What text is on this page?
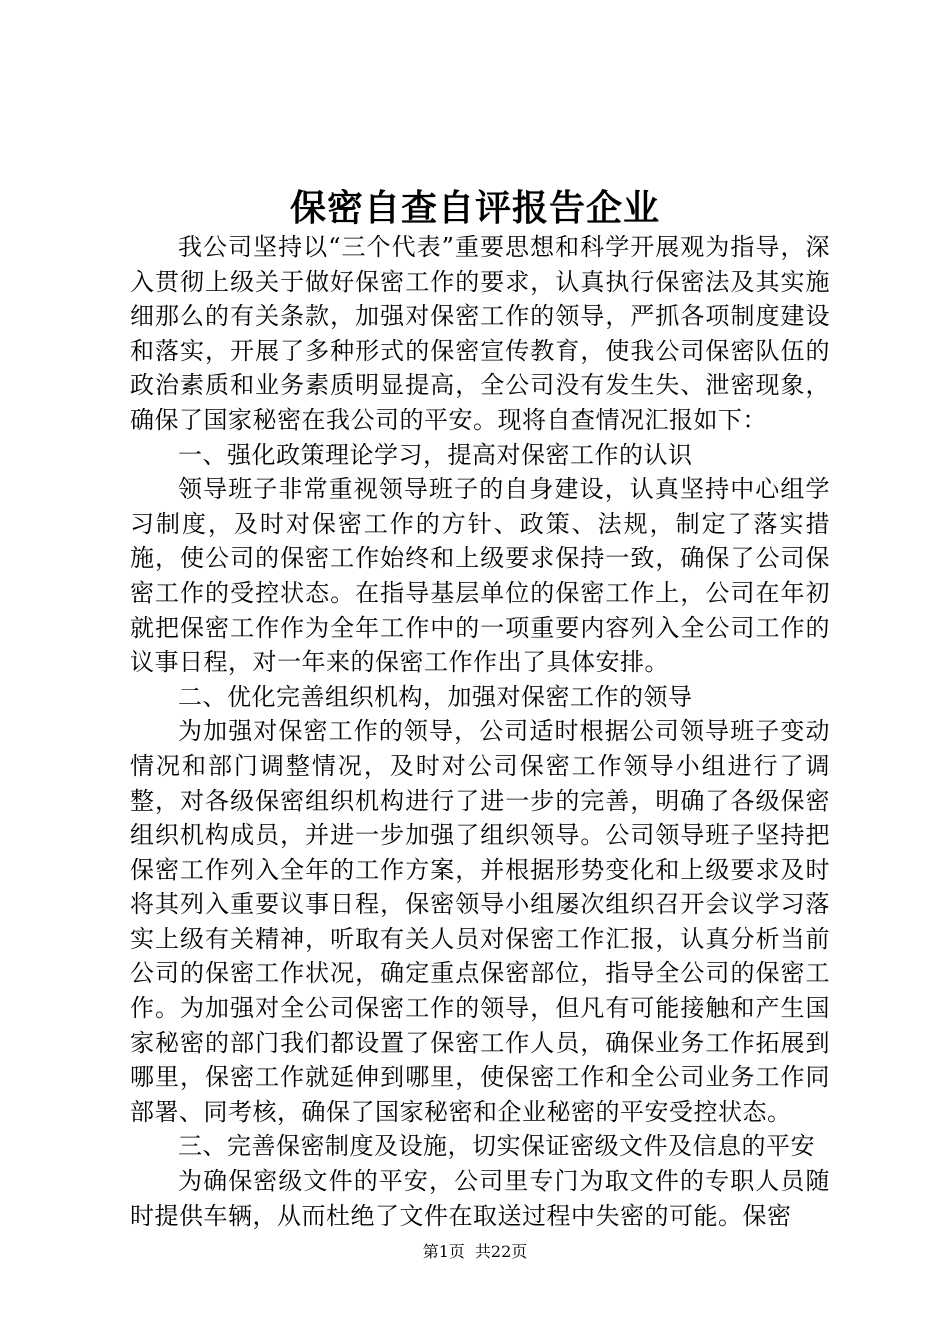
保密自查自评报告企业

我公司坚持以“三个代表”重要思想和科学开展观为指导，深入贯彻上级关于做好保密工作的要求，认真执行保密法及其实施细那么的有关条款，加强对保密工作的领导，严抓各项制度建设和落实，开展了多种形式的保密宣传教育，使我公司保密队伍的政治素质和业务素质明显提高，全公司没有发生失、泄密现象，确保了国家秘密在我公司的平安。现将自查情况汇报如下：

一、强化政策理论学习，提高对保密工作的认识

领导班子非常重视领导班子的自身建设，认真坚持中心组学习制度，及时对保密工作的方针、政策、法规，制定了落实措施，使公司的保密工作始终和上级要求保持一致，确保了公司保密工作的受控状态。在指导基层单位的保密工作上，公司在年初就把保密工作作为全年工作中的一项重要内容列入全公司工作的议事日程，对一年来的保密工作作出了具体安排。

二、优化完善组织机构，加强对保密工作的领导

为加强对保密工作的领导，公司适时根据公司领导班子变动情况和部门调整情况，及时对公司保密工作领导小组进行了调整，对各级保密组织机构进行了进一步的完善，明确了各级保密组织机构成员，并进一步加强了组织领导。公司领导班子坚持把保密工作列入全年的工作方案，并根据形势变化和上级要求及时将其列入重要议事日程，保密领导小组屡次组织召开会议学习落实上级有关精神，听取有关人员对保密工作汇报，认真分析当前公司的保密工作状况，确定重点保密部位，指导全公司的保密工作。为加强对全公司保密工作的领导，但凡有可能接触和产生国家秘密的部门我们都设置了保密工作人员，确保业务工作拓展到哪里，保密工作就延伸到哪里，使保密工作和全公司业务工作同部署、同考核，确保了国家秘密和企业秘密的平安受控状态。

三、完善保密制度及设施，切实保证密级文件及信息的平安

为确保密级文件的平安，公司里专门为取文件的专职人员随时提供车辆，从而杜绝了文件在取送过程中失密的可能。保密

第1页 共22页
